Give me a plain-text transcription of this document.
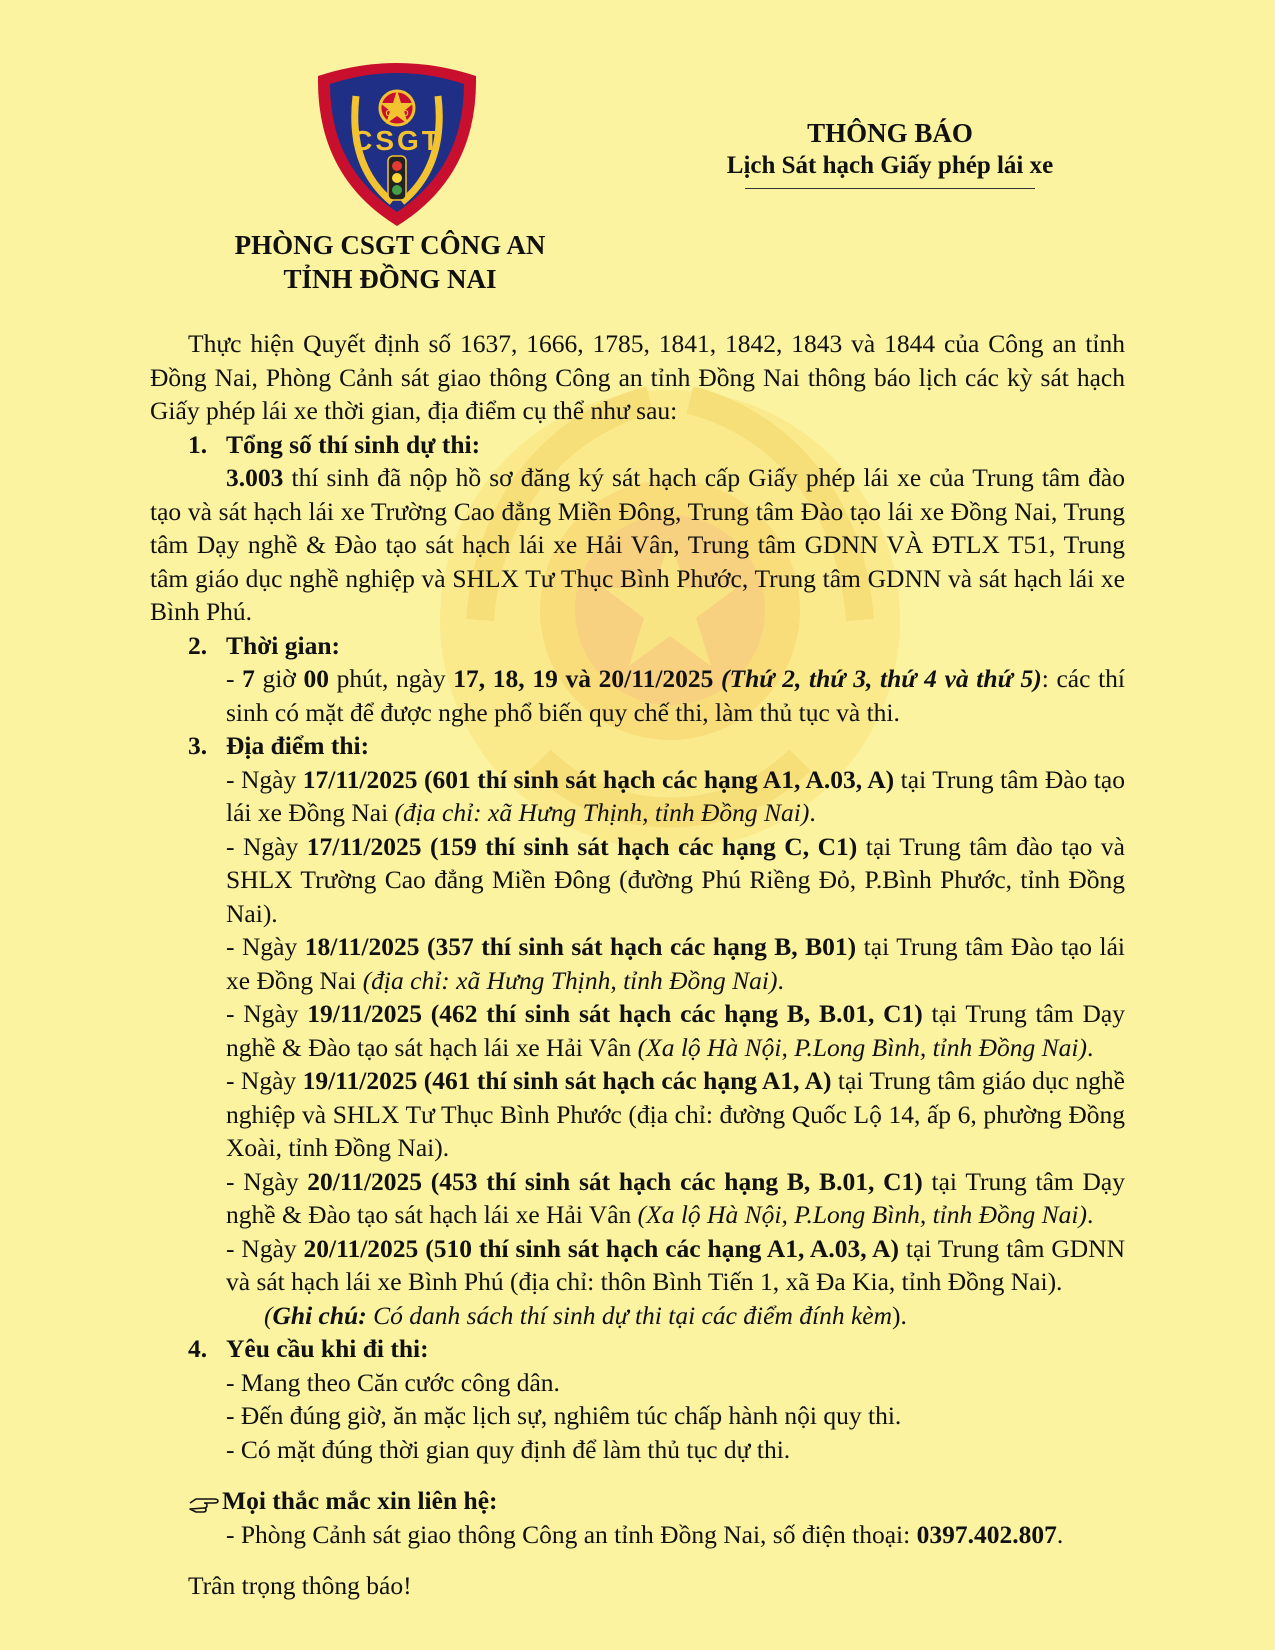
CAND
CSGT
PHÒNG CSGT CÔNG AN
TỈNH ĐỒNG NAI
THÔNG BÁO
Lịch Sát hạch Giấy phép lái xe

Thực hiện Quyết định số 1637, 1666, 1785, 1841, 1842, 1843 và 1844 của Công an tỉnh Đồng Nai, Phòng Cảnh sát giao thông Công an tỉnh Đồng Nai thông báo lịch các kỳ sát hạch Giấy phép lái xe thời gian, địa điểm cụ thể như sau:

1. Tổng số thí sinh dự thi:

3.003 thí sinh đã nộp hồ sơ đăng ký sát hạch cấp Giấy phép lái xe của Trung tâm đào tạo và sát hạch lái xe Trường Cao đẳng Miền Đông, Trung tâm Đào tạo lái xe Đồng Nai, Trung tâm Dạy nghề & Đào tạo sát hạch lái xe Hải Vân, Trung tâm GDNN VÀ ĐTLX T51, Trung tâm giáo dục nghề nghiệp và SHLX Tư Thục Bình Phước, Trung tâm GDNN và sát hạch lái xe Bình Phú.

2. Thời gian:

- 7 giờ 00 phút, ngày 17, 18, 19 và 20/11/2025 (Thứ 2, thứ 3, thứ 4 và thứ 5): các thí sinh có mặt để được nghe phổ biến quy chế thi, làm thủ tục và thi.

3. Địa điểm thi:

- Ngày 17/11/2025 (601 thí sinh sát hạch các hạng A1, A.03, A) tại Trung tâm Đào tạo lái xe Đồng Nai (địa chỉ: xã Hưng Thịnh, tỉnh Đồng Nai).

- Ngày 17/11/2025 (159 thí sinh sát hạch các hạng C, C1) tại Trung tâm đào tạo và SHLX Trường Cao đẳng Miền Đông (đường Phú Riềng Đỏ, P.Bình Phước, tỉnh Đồng Nai).

- Ngày 18/11/2025 (357 thí sinh sát hạch các hạng B, B01) tại Trung tâm Đào tạo lái xe Đồng Nai (địa chỉ: xã Hưng Thịnh, tỉnh Đồng Nai).

- Ngày 19/11/2025 (462 thí sinh sát hạch các hạng B, B.01, C1) tại Trung tâm Dạy nghề & Đào tạo sát hạch lái xe Hải Vân (Xa lộ Hà Nội, P.Long Bình, tỉnh Đồng Nai).

- Ngày 19/11/2025 (461 thí sinh sát hạch các hạng A1, A) tại Trung tâm giáo dục nghề nghiệp và SHLX Tư Thục Bình Phước (địa chỉ: đường Quốc Lộ 14, ấp 6, phường Đồng Xoài, tỉnh Đồng Nai).

- Ngày 20/11/2025 (453 thí sinh sát hạch các hạng B, B.01, C1) tại Trung tâm Dạy nghề & Đào tạo sát hạch lái xe Hải Vân (Xa lộ Hà Nội, P.Long Bình, tỉnh Đồng Nai).

- Ngày 20/11/2025 (510 thí sinh sát hạch các hạng A1, A.03, A) tại Trung tâm GDNN và sát hạch lái xe Bình Phú (địa chỉ: thôn Bình Tiến 1, xã Đa Kia, tỉnh Đồng Nai).

(Ghi chú: Có danh sách thí sinh dự thi tại các điểm đính kèm).

4. Yêu cầu khi đi thi:

- Mang theo Căn cước công dân.

- Đến đúng giờ, ăn mặc lịch sự, nghiêm túc chấp hành nội quy thi.

- Có mặt đúng thời gian quy định để làm thủ tục dự thi.

Mọi thắc mắc xin liên hệ:

- Phòng Cảnh sát giao thông Công an tỉnh Đồng Nai, số điện thoại: 0397.402.807.

Trân trọng thông báo!
